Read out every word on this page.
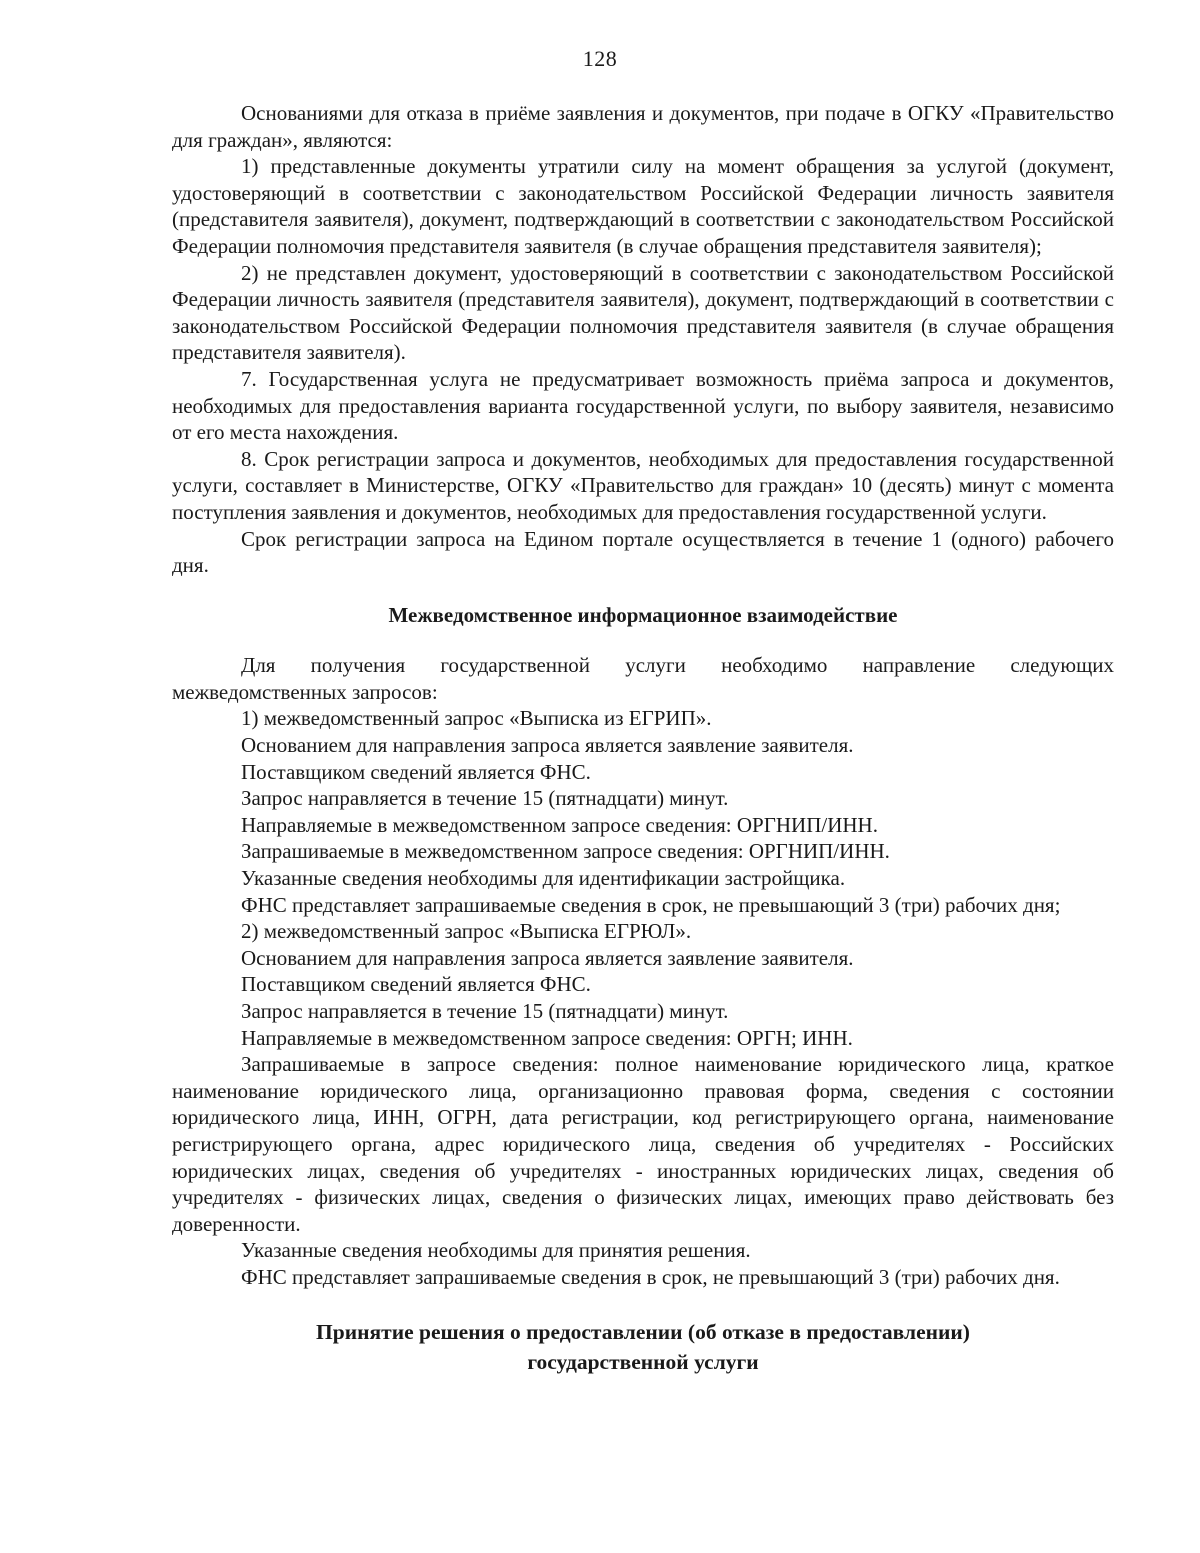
128

Основаниями для отказа в приёме заявления и документов, при подаче в ОГКУ «Правительство для граждан», являются:

1) представленные документы утратили силу на момент обращения за услугой (документ, удостоверяющий в соответствии с законодательством Российской Федерации личность заявителя (представителя заявителя), документ, подтверждающий в соответствии с законодательством Российской Федерации полномочия представителя заявителя (в случае обращения представителя заявителя);

2) не представлен документ, удостоверяющий в соответствии с законодательством Российской Федерации личность заявителя (представителя заявителя), документ, подтверждающий в соответствии с законодательством Российской Федерации полномочия представителя заявителя (в случае обращения представителя заявителя).

7. Государственная услуга не предусматривает возможность приёма запроса и документов, необходимых для предоставления варианта государственной услуги, по выбору заявителя, независимо от его места нахождения.

8. Срок регистрации запроса и документов, необходимых для предоставления государственной услуги, составляет в Министерстве, ОГКУ «Правительство для граждан» 10 (десять) минут с момента поступления заявления и документов, необходимых для предоставления государственной услуги.

Срок регистрации запроса на Едином портале осуществляется в течение 1 (одного) рабочего дня.

Межведомственное информационное взаимодействие

Для получения государственной услуги необходимо направление следующих межведомственных запросов:

1) межведомственный запрос «Выписка из ЕГРИП».

Основанием для направления запроса является заявление заявителя.

Поставщиком сведений является ФНС.

Запрос направляется в течение 15 (пятнадцати) минут.

Направляемые в межведомственном запросе сведения: ОРГНИП/ИНН.

Запрашиваемые в межведомственном запросе сведения: ОРГНИП/ИНН.

Указанные сведения необходимы для идентификации застройщика.

ФНС представляет запрашиваемые сведения в срок, не превышающий 3 (три) рабочих дня;

2) межведомственный запрос «Выписка ЕГРЮЛ».

Основанием для направления запроса является заявление заявителя.

Поставщиком сведений является ФНС.

Запрос направляется в течение 15 (пятнадцати) минут.

Направляемые в межведомственном запросе сведения: ОРГН; ИНН.

Запрашиваемые в запросе сведения: полное наименование юридического лица, краткое наименование юридического лица, организационно правовая форма, сведения с состоянии юридического лица, ИНН, ОГРН, дата регистрации, код регистрирующего органа, наименование регистрирующего органа, адрес юридического лица, сведения об учредителях - Российских юридических лицах, сведения об учредителях - иностранных юридических лицах, сведения об учредителях - физических лицах, сведения о физических лицах, имеющих право действовать без доверенности.

Указанные сведения необходимы для принятия решения.

ФНС представляет запрашиваемые сведения в срок, не превышающий 3 (три) рабочих дня.

Принятие решения о предоставлении (об отказе в предоставлении)
государственной услуги
